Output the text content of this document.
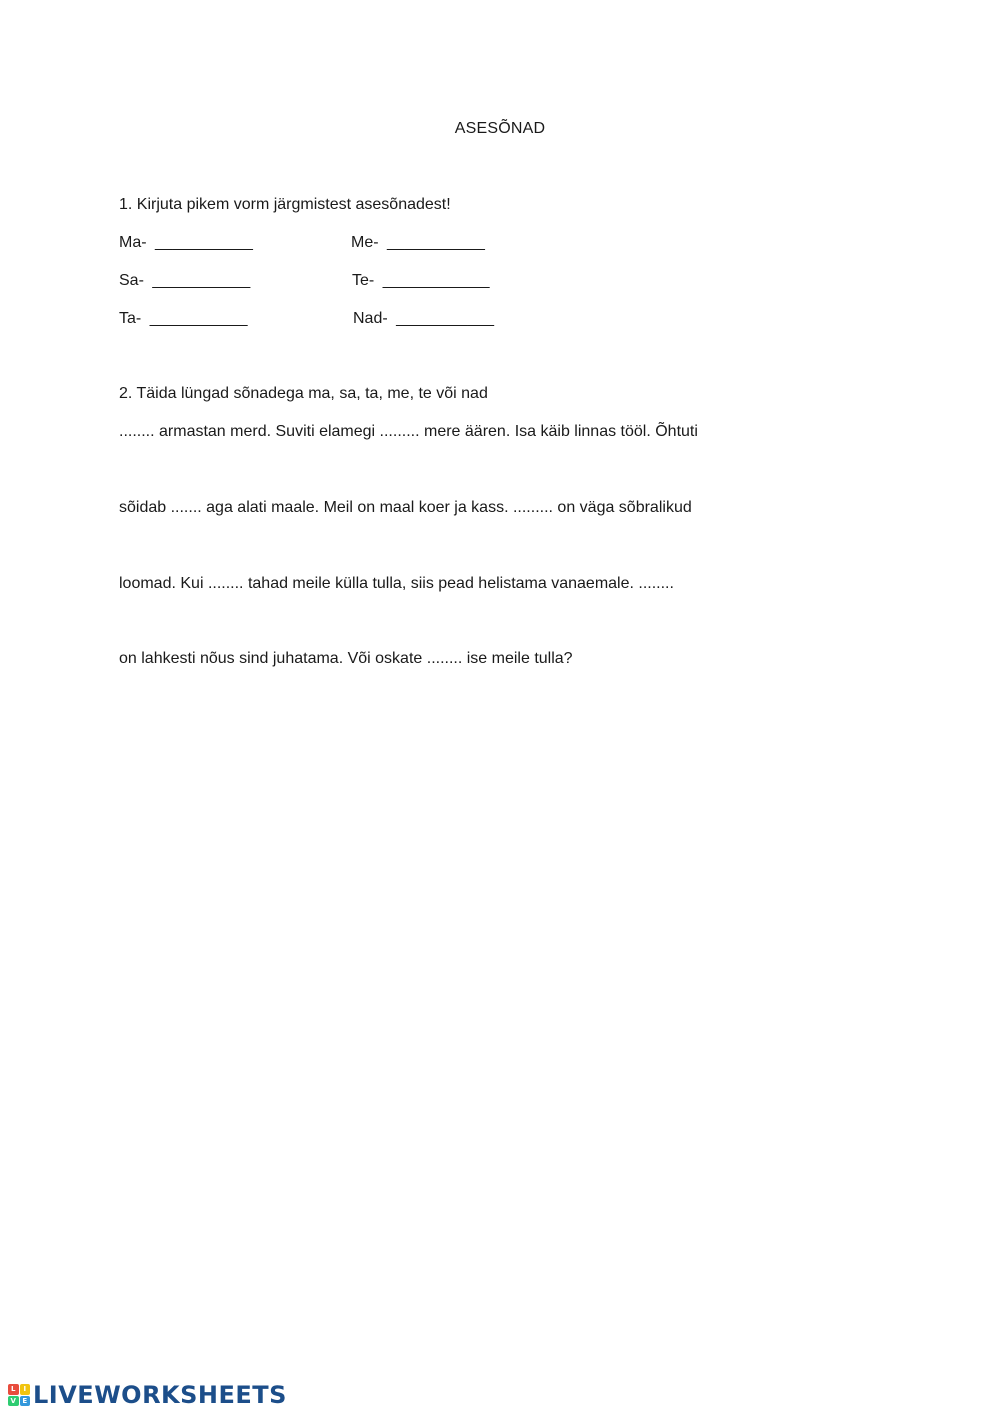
ASESÕNAD
1. Kirjuta pikem vorm järgmistest asesõnadest!
Ma- ___________	Me- ___________
Sa- ___________	Te- ____________
Ta- ___________	Nad- ___________
2. Täida lüngad sõnadega ma, sa, ta, me, te või nad
........ armastan merd. Suviti elamegi ......... mere äären. Isa käib linnas tööl. Õhtuti
sõidab ....... aga alati maale. Meil on maal koer ja kass. ......... on väga sõbralikud
loomad. Kui ........ tahad meile külla tulla, siis pead helistama vanaemale. ........
on lahkesti nõus sind juhatama. Või oskate ........ ise meile tulla?
L	I
V E LIVEWORKSHEETS
